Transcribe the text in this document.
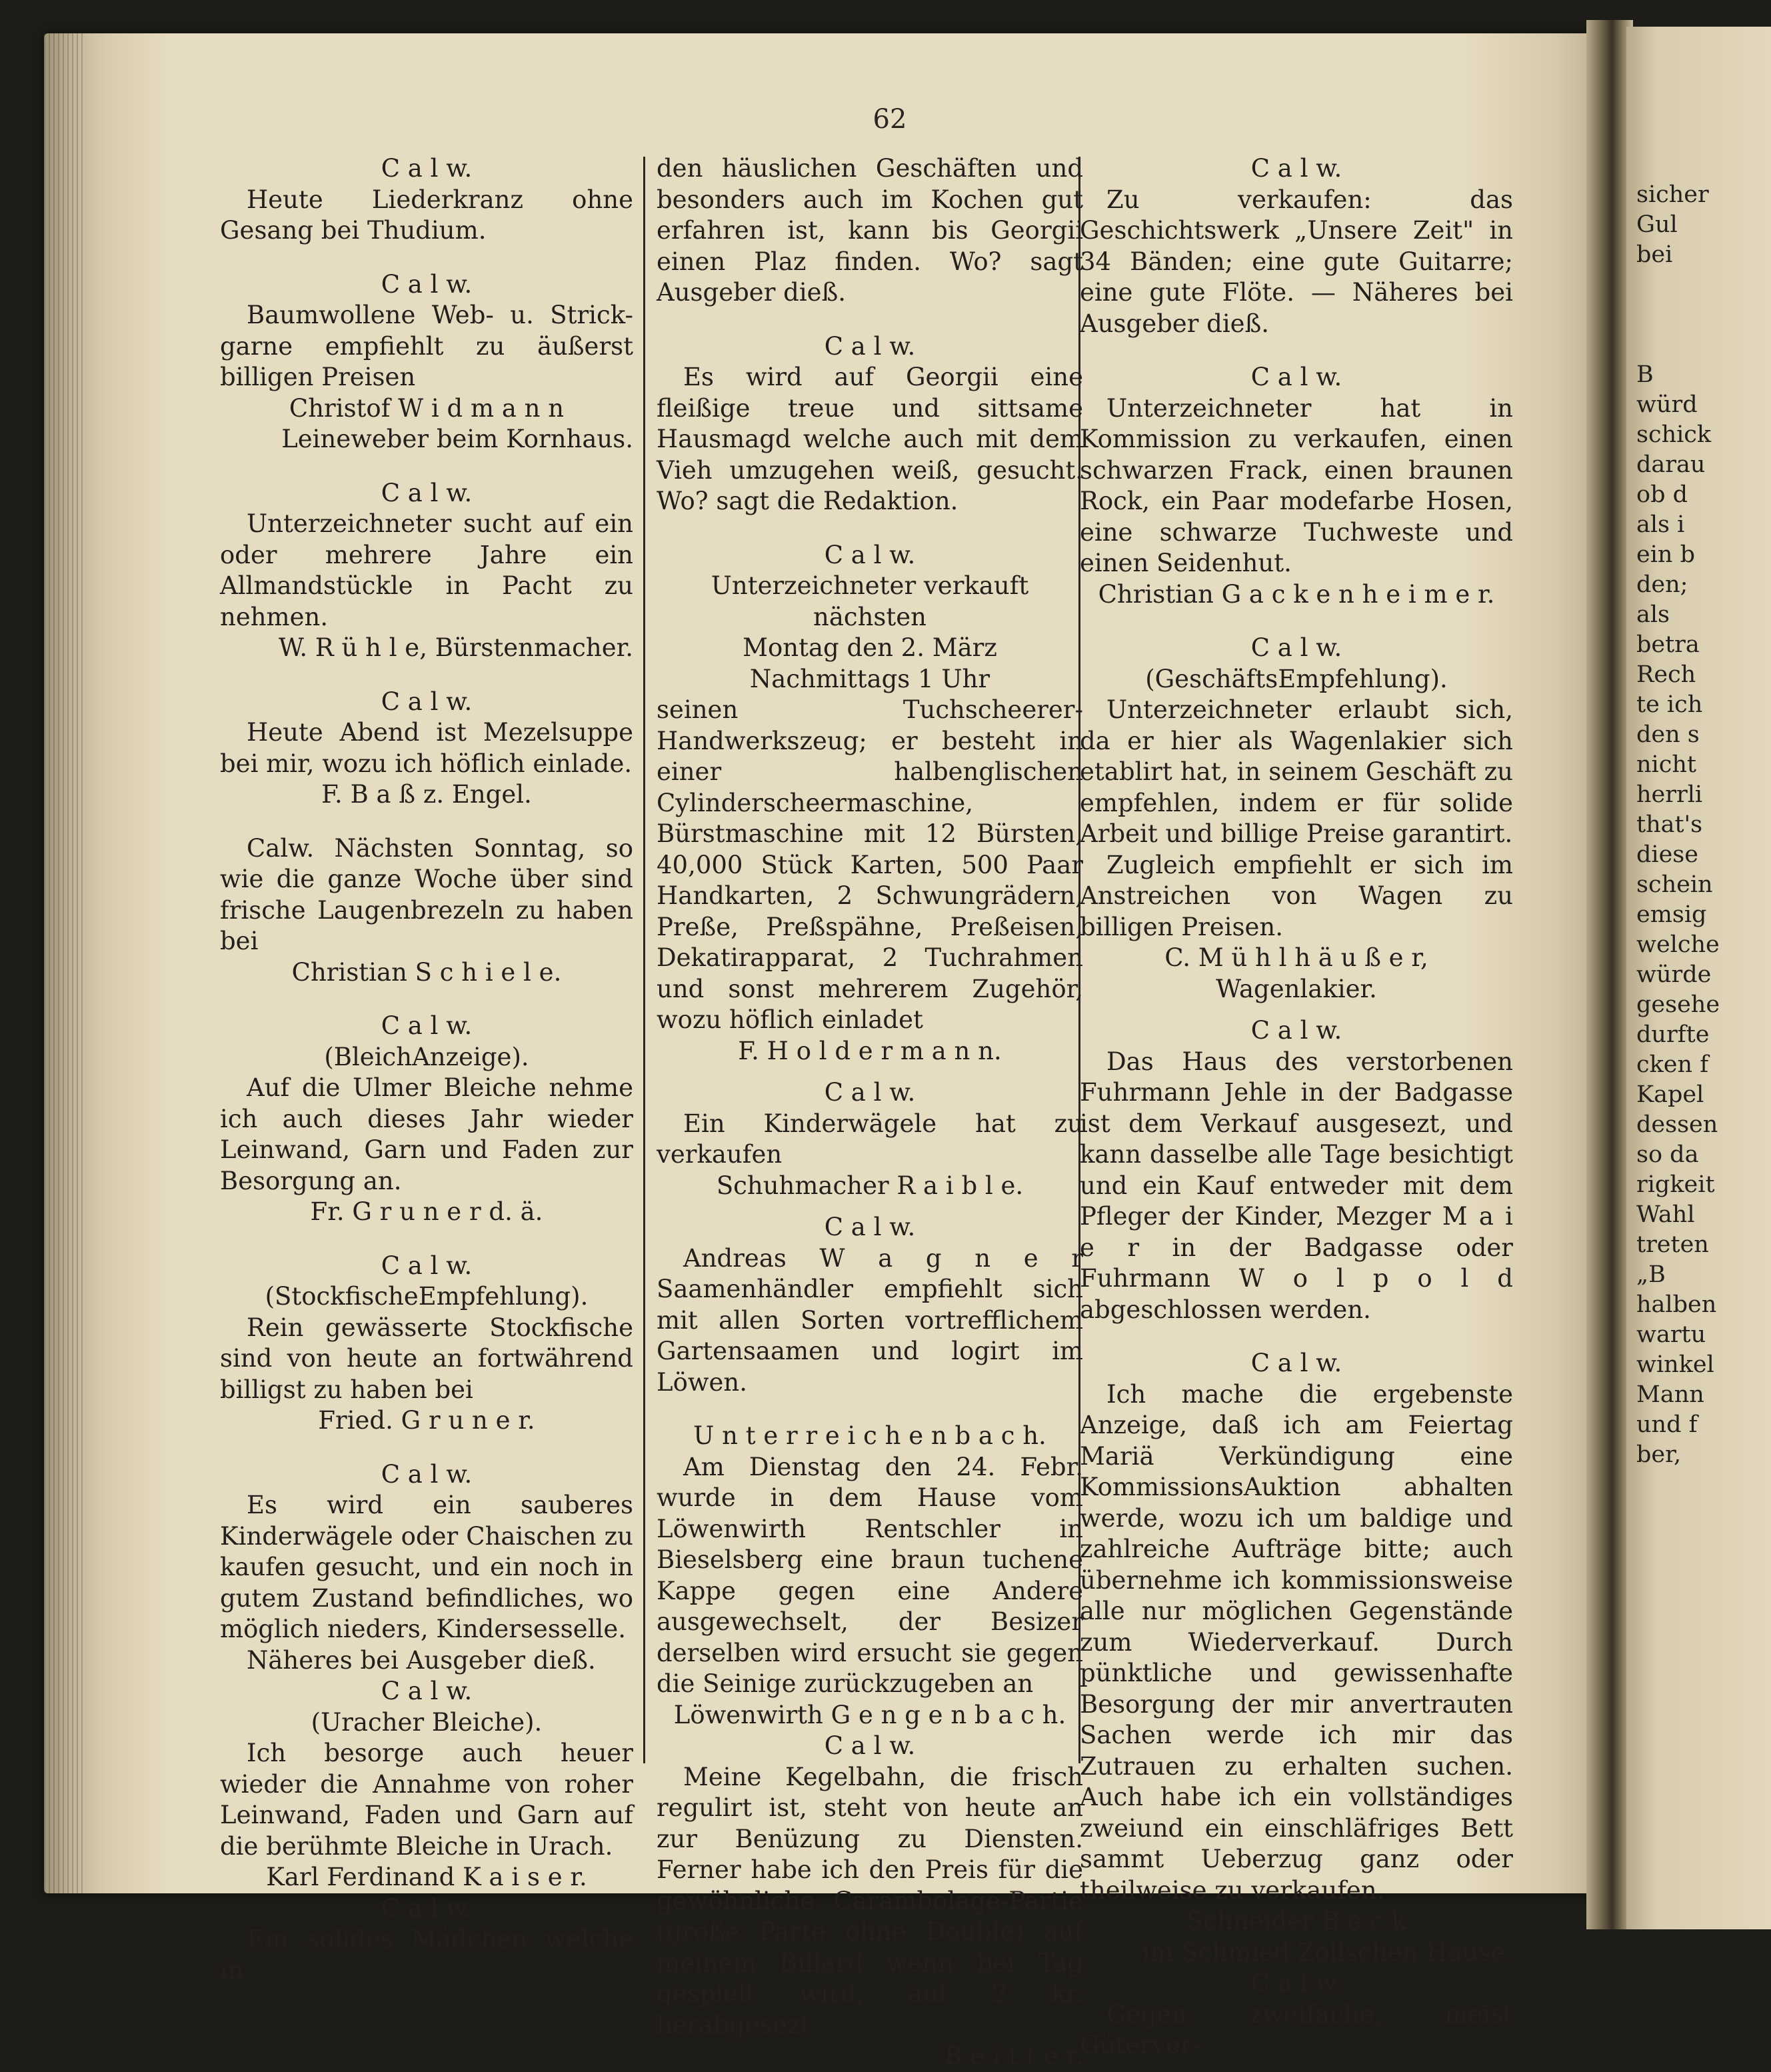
62
C a l w.
Heute Liederkranz ohne Gesang bei Thudium.
C a l w.
Baumwollene Web- u. Strick-garne empfiehlt zu äußerst billigen Preisen
Christof W i d m a n n
Leineweber beim Kornhaus.
C a l w.
Unterzeichneter sucht auf ein oder mehrere Jahre ein Allmandstückle in Pacht zu nehmen.
W. R ü h l e, Bürstenmacher.
C a l w.
Heute Abend ist Mezelsuppe bei mir, wozu ich höflich einlade.
F. B a ß z. Engel.
Calw. Nächsten Sonntag, so wie die ganze Woche über sind frische Laugenbrezeln zu haben bei
Christian S c h i e l e.
C a l w.
(BleichAnzeige).
Auf die Ulmer Bleiche nehme ich auch dieses Jahr wieder Leinwand, Garn und Faden zur Besorgung an.
Fr. G r u n e r d. ä.
C a l w.
(StockfischeEmpfehlung).
Rein gewässerte Stockfische sind von heute an fortwährend billigst zu haben bei
Fried. G r u n e r.
C a l w.
Es wird ein sauberes Kinderwägele oder Chaischen zu kaufen gesucht, und ein noch in gutem Zustand befindliches, wo möglich nieders, Kindersesselle.
Näheres bei Ausgeber dieß.
C a l w.
(Uracher Bleiche).
Ich besorge auch heuer wieder die Annahme von roher Leinwand, Faden und Garn auf die berühmte Bleiche in Urach.
Karl Ferdinand K a i s e r.
C a l w.
Ein solides Mädchen welche in
den häuslichen Geschäften und besonders auch im Kochen gut erfahren ist, kann bis Georgii einen Plaz finden. Wo? sagt Ausgeber dieß.
C a l w.
Es wird auf Georgii eine fleißige treue und sittsame Hausmagd welche auch mit dem Vieh umzugehen weiß, gesucht. Wo? sagt die Redaktion.
C a l w.
Unterzeichneter verkauft nächsten
Montag den 2. März
Nachmittags 1 Uhr
seinen Tuchscheerer-Handwerkszeug; er besteht in einer halbenglischen Cylinderscheermaschine, Bürstmaschine mit 12 Bürsten, 40,000 Stück Karten, 500 Paar Handkarten, 2 Schwungrädern, Preße, Preßspähne, Preßeisen, Dekatirapparat, 2 Tuchrahmen und sonst mehrerem Zugehör, wozu höflich einladet
F. H o l d e r m a n n.
C a l w.
Ein Kinderwägele hat zu verkaufen
Schuhmacher R a i b l e.
C a l w.
Andreas W a g n e r Saamenhändler empfiehlt sich mit allen Sorten vortrefflichem Gartensaamen und logirt im Löwen.
U n t e r r e i c h e n b a c h.
Am Dienstag den 24. Febr. wurde in dem Hause vom Löwenwirth Rentschler in Bieselsberg eine braun tuchene Kappe gegen eine Andere ausgewechselt, der Besizer derselben wird ersucht sie gegen die Seinige zurückzugeben an
Löwenwirth G e n g e n b a c h.
C a l w.
Meine Kegelbahn, die frisch regulirt ist, steht von heute an zur Benüzung zu Diensten. Ferner habe ich den Preis für die gewöhnliche Carambolage-Partie (große Parte ohne Double) auf meinem Billard wenn bei Tag gespielt wird, auf 2 kr. herabgesezt.
B e i t t e r.
C a l w.
Zu verkaufen: das Geschichtswerk „Unsere Zeit" in 34 Bänden; eine gute Guitarre; eine gute Flöte. — Näheres bei Ausgeber dieß.
C a l w.
Unterzeichneter hat in Kommission zu verkaufen, einen schwarzen Frack, einen braunen Rock, ein Paar modefarbe Hosen, eine schwarze Tuchweste und einen Seidenhut.
Christian G a c k e n h e i m e r.
C a l w.
(GeschäftsEmpfehlung).
Unterzeichneter erlaubt sich, da er hier als Wagenlakier sich etablirt hat, in seinem Geschäft zu empfehlen, indem er für solide Arbeit und billige Preise garantirt.
Zugleich empfiehlt er sich im Anstreichen von Wagen zu billigen Preisen.
C. M ü h l h ä u ß e r,
Wagenlakier.
C a l w.
Das Haus des verstorbenen Fuhrmann Jehle in der Badgasse ist dem Verkauf ausgesezt, und kann dasselbe alle Tage besichtigt und ein Kauf entweder mit dem Pfleger der Kinder, Mezger M a i e r in der Badgasse oder Fuhrmann W o l p o l d abgeschlossen werden.
C a l w.
Ich mache die ergebenste Anzeige, daß ich am Feiertag Mariä Verkündigung eine KommissionsAuktion abhalten werde, wozu ich um baldige und zahlreiche Aufträge bitte; auch übernehme ich kommissionsweise alle nur möglichen Gegenstände zum Wiederverkauf. Durch pünktliche und gewissenhafte Besorgung der mir anvertrauten Sachen werde ich mir das Zutrauen zu erhalten suchen. Auch habe ich ein vollständiges zweiund ein einschläfriges Bett sammt Ueberzug ganz oder theilweise zu verkaufen.
Schneider B e c k
im Schmied Zollschen Hause.
C a l w.
Gegen zweifache, meist Güterver-
sicher
Gul
bei

B
würd
schick
darau
ob d
als i
ein b
den;
als
betra
Rech
te ich
den s
nicht
herrli
that's
diese
schein
emsig
welche
würde
gesehe
durfte
cken f
Kapel
dessen
so da
rigkeit
Wahl
treten
„B
halben
wartu
winkel
Mann
und f
ber,
